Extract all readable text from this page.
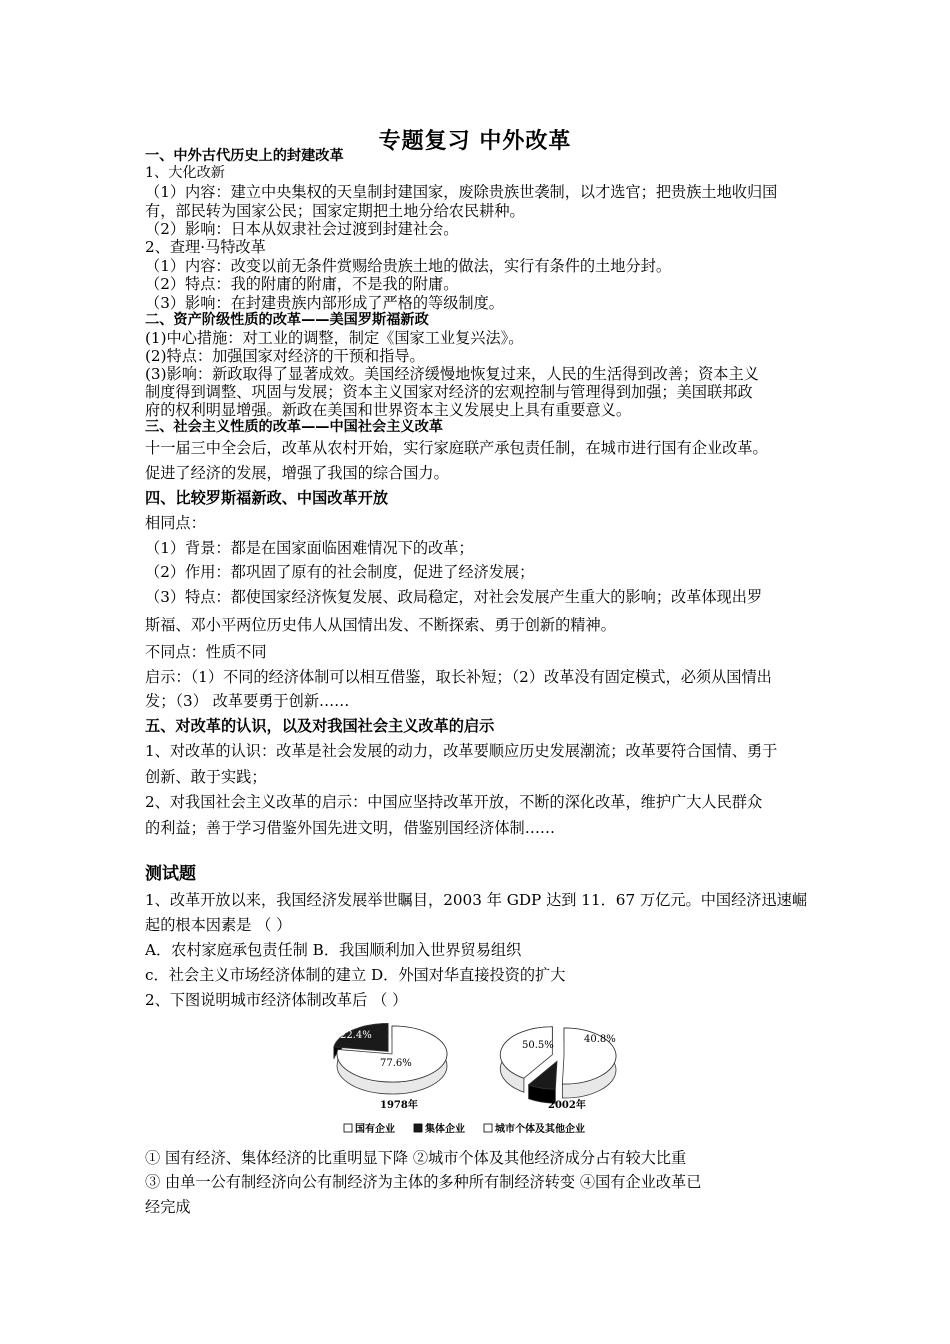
专题复习 中外改革
一、中外古代历史上的封建改革
1、大化改新
（1）内容：建立中央集权的天皇制封建国家，废除贵族世袭制，以才选官；把贵族土地收归国
有，部民转为国家公民；国家定期把土地分给农民耕种。
（2）影响：日本从奴隶社会过渡到封建社会。
2、查理·马特改革
（1）内容：改变以前无条件赏赐给贵族土地的做法，实行有条件的土地分封。
（2）特点：我的附庸的附庸，不是我的附庸。
（3）影响：在封建贵族内部形成了严格的等级制度。
二、资产阶级性质的改革——美国罗斯福新政
(1)中心措施：对工业的调整，制定《国家工业复兴法》。
(2)特点：加强国家对经济的干预和指导。
(3)影响：新政取得了显著成效。美国经济缓慢地恢复过来，人民的生活得到改善；资本主义
制度得到调整、巩固与发展；资本主义国家对经济的宏观控制与管理得到加强；美国联邦政
府的权利明显增强。新政在美国和世界资本主义发展史上具有重要意义。
三、社会主义性质的改革——中国社会主义改革
十一届三中全会后，改革从农村开始，实行家庭联产承包责任制，在城市进行国有企业改革。
促进了经济的发展，增强了我国的综合国力。
四、比较罗斯福新政、中国改革开放
相同点：
（1）背景：都是在国家面临困难情况下的改革；
（2）作用：都巩固了原有的社会制度，促进了经济发展；
（3）特点：都使国家经济恢复发展、政局稳定，对社会发展产生重大的影响；改革体现出罗
斯福、邓小平两位历史伟人从国情出发、不断探索、勇于创新的精神。
不同点：性质不同
启示：（1）不同的经济体制可以相互借鉴，取长补短；（2）改革没有固定模式，必须从国情出
发；（3） 改革要勇于创新……
五、对改革的认识，以及对我国社会主义改革的启示
1、对改革的认识：改革是社会发展的动力，改革要顺应历史发展潮流；改革要符合国情、勇于
创新、敢于实践；
2、对我国社会主义改革的启示：中国应坚持改革开放，不断的深化改革，维护广大人民群众
的利益；善于学习借鉴外国先进文明，借鉴别国经济体制……
测试题
1、改革开放以来，我国经济发展举世瞩目，2003 年 GDP 达到 11．67 万亿元。中国经济迅速崛
起的根本因素是 （ ）
A．农村家庭承包责任制 B．我国顺利加入世界贸易组织
c．社会主义市场经济体制的建立 D．外国对华直接投资的扩大
2、下图说明城市经济体制改革后 （ ）
① 国有经济、集体经济的比重明显下降 ②城市个体及其他经济成分占有较大比重
③ 由单一公有制经济向公有制经济为主体的多种所有制经济转变 ④国有企业改革已
经完成
77.6%
22.4%
1978年
50.5%
8.7%
40.8%
2002年
国有企业	集体企业	城市个体及其他企业
